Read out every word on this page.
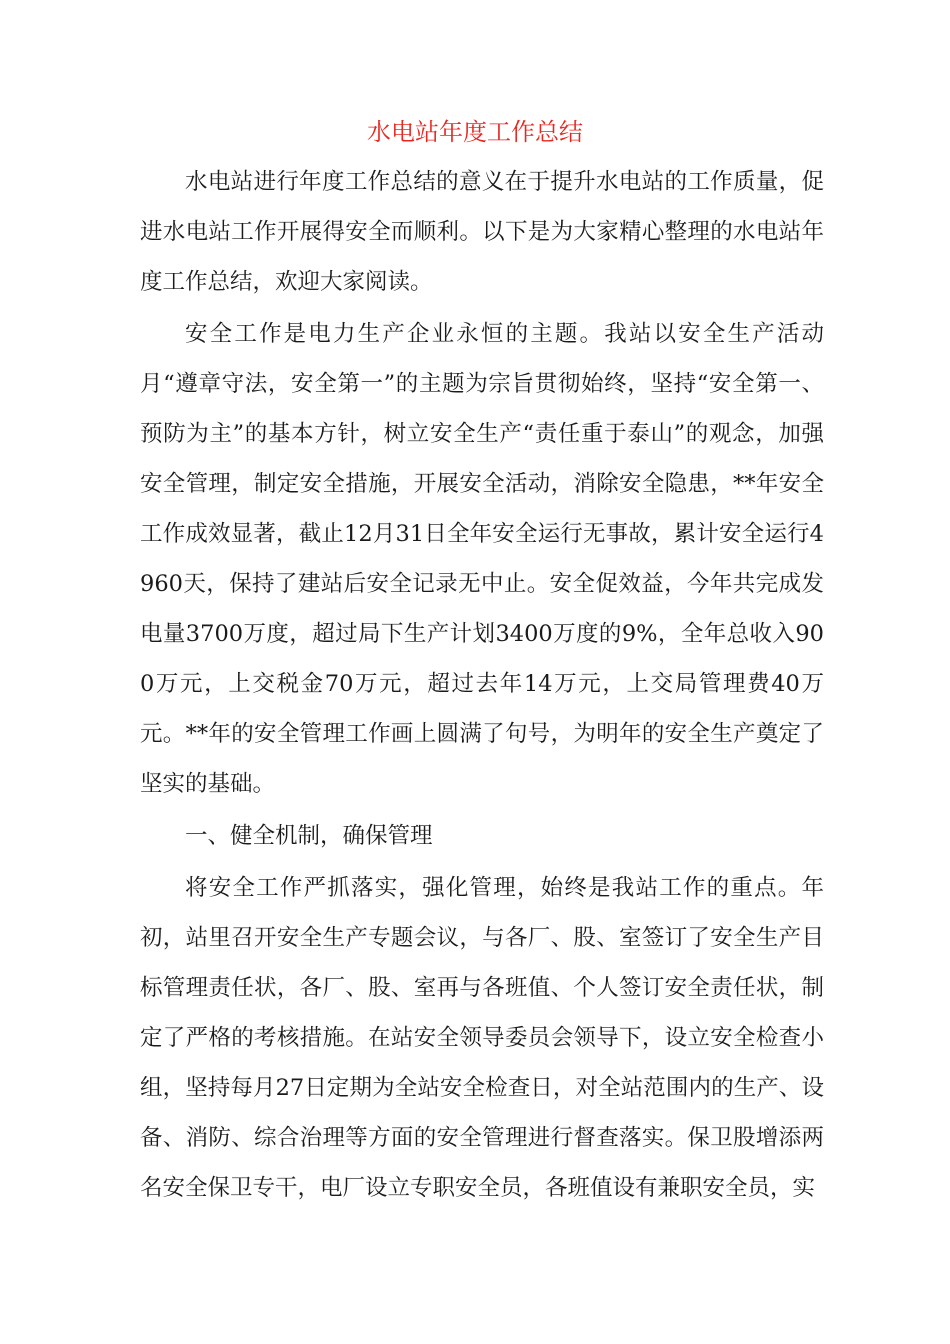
水电站年度工作总结

水电站进行年度工作总结的意义在于提升水电站的工作质量，促进水电站工作开展得安全而顺利。以下是为大家精心整理的水电站年度工作总结，欢迎大家阅读。

安全工作是电力生产企业永恒的主题。我站以安全生产活动月“遵章守法，安全第一”的主题为宗旨贯彻始终，坚持“安全第一、预防为主”的基本方针，树立安全生产“责任重于泰山”的观念，加强安全管理，制定安全措施，开展安全活动，消除安全隐患，**年安全工作成效显著，截止12月31日全年安全运行无事故，累计安全运行4960天，保持了建站后安全记录无中止。安全促效益，今年共完成发电量3700万度，超过局下生产计划3400万度的9%，全年总收入900万元，上交税金70万元，超过去年14万元，上交局管理费40万元。**年的安全管理工作画上圆满了句号，为明年的安全生产奠定了坚实的基础。

一、健全机制，确保管理

将安全工作严抓落实，强化管理，始终是我站工作的重点。年初，站里召开安全生产专题会议，与各厂、股、室签订了安全生产目标管理责任状，各厂、股、室再与各班值、个人签订安全责任状，制定了严格的考核措施。在站安全领导委员会领导下，设立安全检查小组，坚持每月27日定期为全站安全检查日，对全站范围内的生产、设备、消防、综合治理等方面的安全管理进行督查落实。保卫股增添两名安全保卫专干，电厂设立专职安全员，各班值设有兼职安全员，实
